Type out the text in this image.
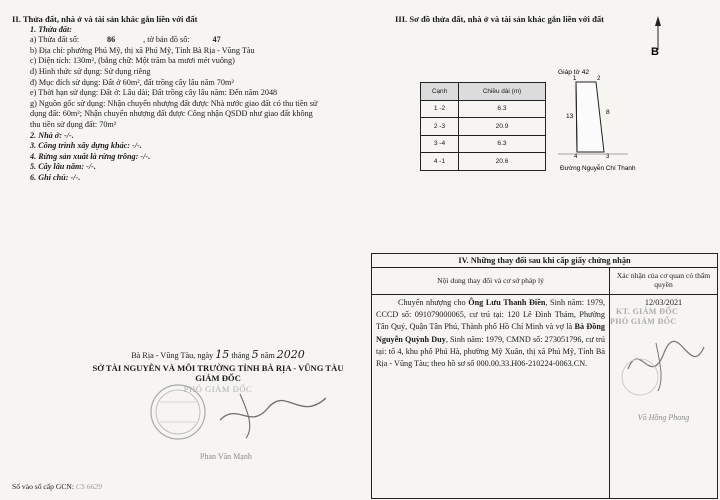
II. Thửa đất, nhà ở và tài sản khác gắn liền với đất
1. Thửa đất:
a) Thửa đất số:	86	, tờ bản đồ số:	47
b) Địa chỉ: phường Phú Mỹ, thị xã Phú Mỹ, Tỉnh Bà Rịa - Vũng Tàu
c) Diện tích: 130m², (bằng chữ: Một trăm ba mươi mét vuông)
d) Hình thức sử dụng: Sử dụng riêng
đ) Mục đích sử dụng: Đất ở 60m², đất trồng cây lâu năm 70m²
e) Thời hạn sử dụng: Đất ở: Lâu dài; Đất trồng cây lâu năm: Đến năm 2048
g) Nguồn gốc sử dụng: Nhận chuyển nhượng đất được Nhà nước giao đất có thu tiền sử
dụng đất: 60m²; Nhận chuyển nhượng đất được Công nhận QSDĐ như giao đất không
thu tiền sử dụng đất: 70m²
2. Nhà ở: -/-.
3. Công trình xây dựng khác: -/-.
4. Rừng sản xuất là rừng trồng: -/-.
5. Cây lâu năm: -/-.
6. Ghi chú: -/-.
Bà Rịa - Vũng Tàu, ngày 15 tháng 5 năm 2020
SỞ TÀI NGUYÊN VÀ MÔI TRƯỜNG TỈNH BÀ RỊA - VŨNG TÀU
GIÁM ĐỐC
PHÓ GIÁM ĐỐC
Phan Văn Mạnh
Số vào sổ cấp GCN: CS 6629
III. Sơ đồ thửa đất, nhà ở và tài sản khác gắn liền với đất
Cạnh	Chiều dài (m)
1 -2	6.3
2 -3	20.9
3 -4	6.3
4 -1	20.6
B
Giáp tờ 42
1	2
3
4
13
8
Đường Nguyễn Chí Thanh
IV. Những thay đổi sau khi cấp giấy chứng nhận
Nội dung thay đổi và cơ sở pháp lý
Xác nhận của cơ quan có thẩm quyền
Chuyển nhượng cho Ông Lưu Thanh Điền, Sinh năm: 1979, CCCD số: 091079000065, cư trú tại: 120 Lê Đình Thám, Phường Tân Quý, Quận Tân Phú, Thành phố Hồ Chí Minh và vợ là Bà Đồng Nguyễn Quỳnh Duy, Sinh năm: 1979, CMND số: 273051796, cư trú tại: tổ 4, khu phố Phú Hà, phường Mỹ Xuân, thị xã Phú Mỹ, Tỉnh Bà Rịa - Vũng Tàu; theo hồ sơ số 000.00.33.H06-210224-0063.CN.
12/03/2021
KT. GIÁM ĐỐC
PHÓ GIÁM ĐỐC
Võ Hồng Phong
